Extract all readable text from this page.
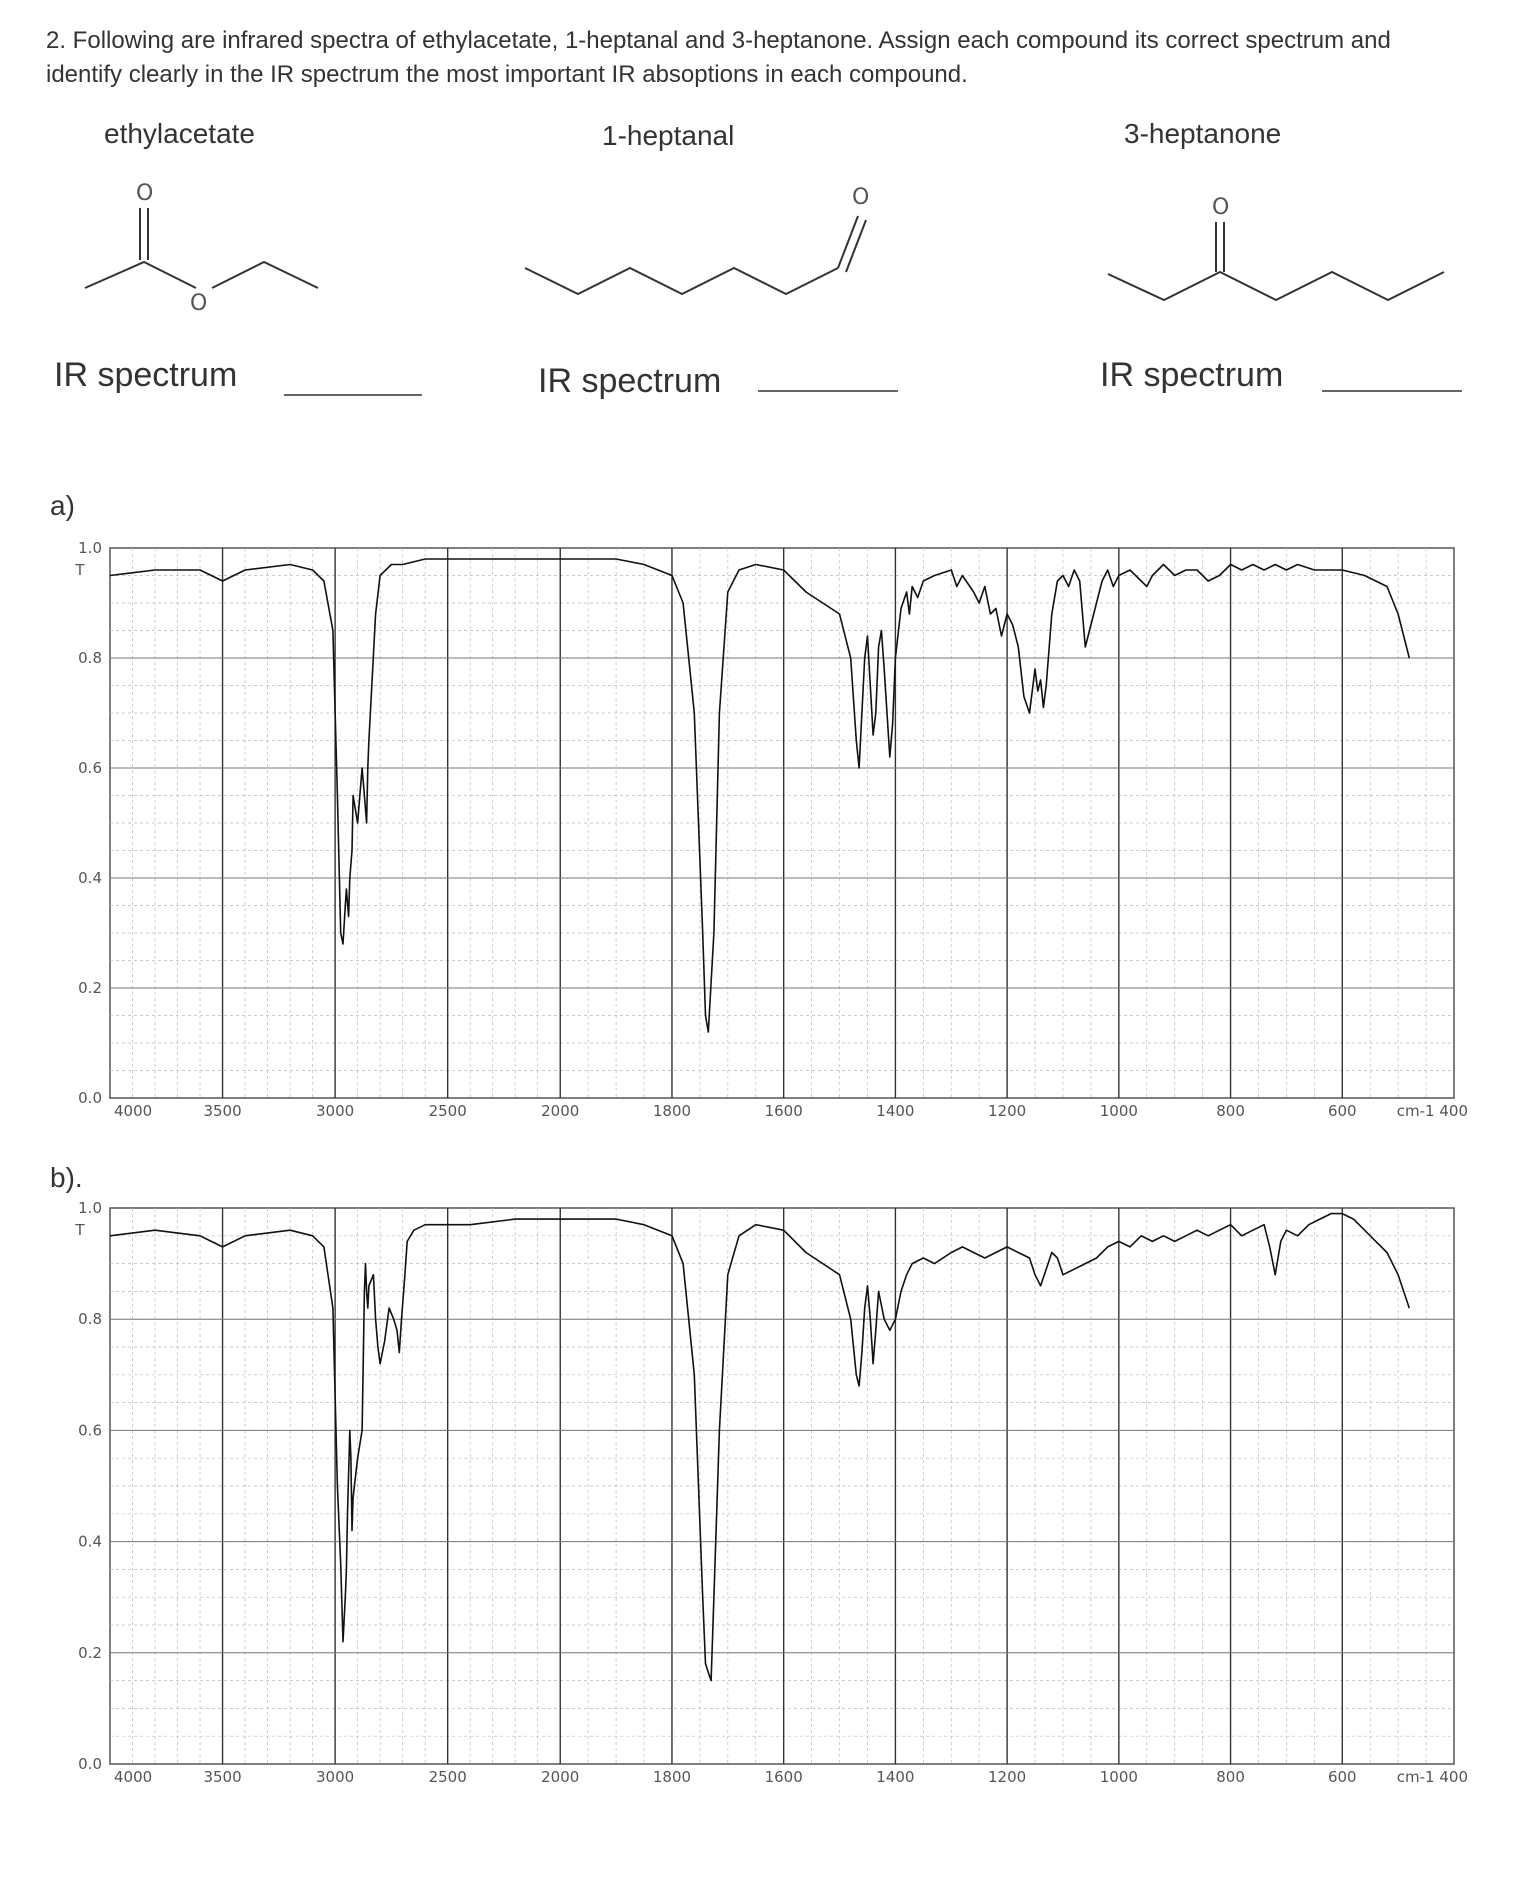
2. Following are infrared spectra of ethylacetate, 1-heptanal and 3-heptanone. Assign each compound its correct spectrum and
identify clearly in the IR spectrum the most important IR absoptions in each compound.
ethylacetate	1-heptanal	3-heptanone
O
O
O	O
IR spectrum	IR spectrum	IR spectrum
a)
b).
0.0
0.2
0.4
0.6
0.8
1.0
T
4000	3500	3000	2500	2000	1800	1600	1400	1200	1000	800	600	cm-1 400
0.0
0.2
0.4
0.6
0.8
1.0
T
4000	3500	3000	2500	2000	1800	1600	1400	1200	1000	800	600	cm-1 400
